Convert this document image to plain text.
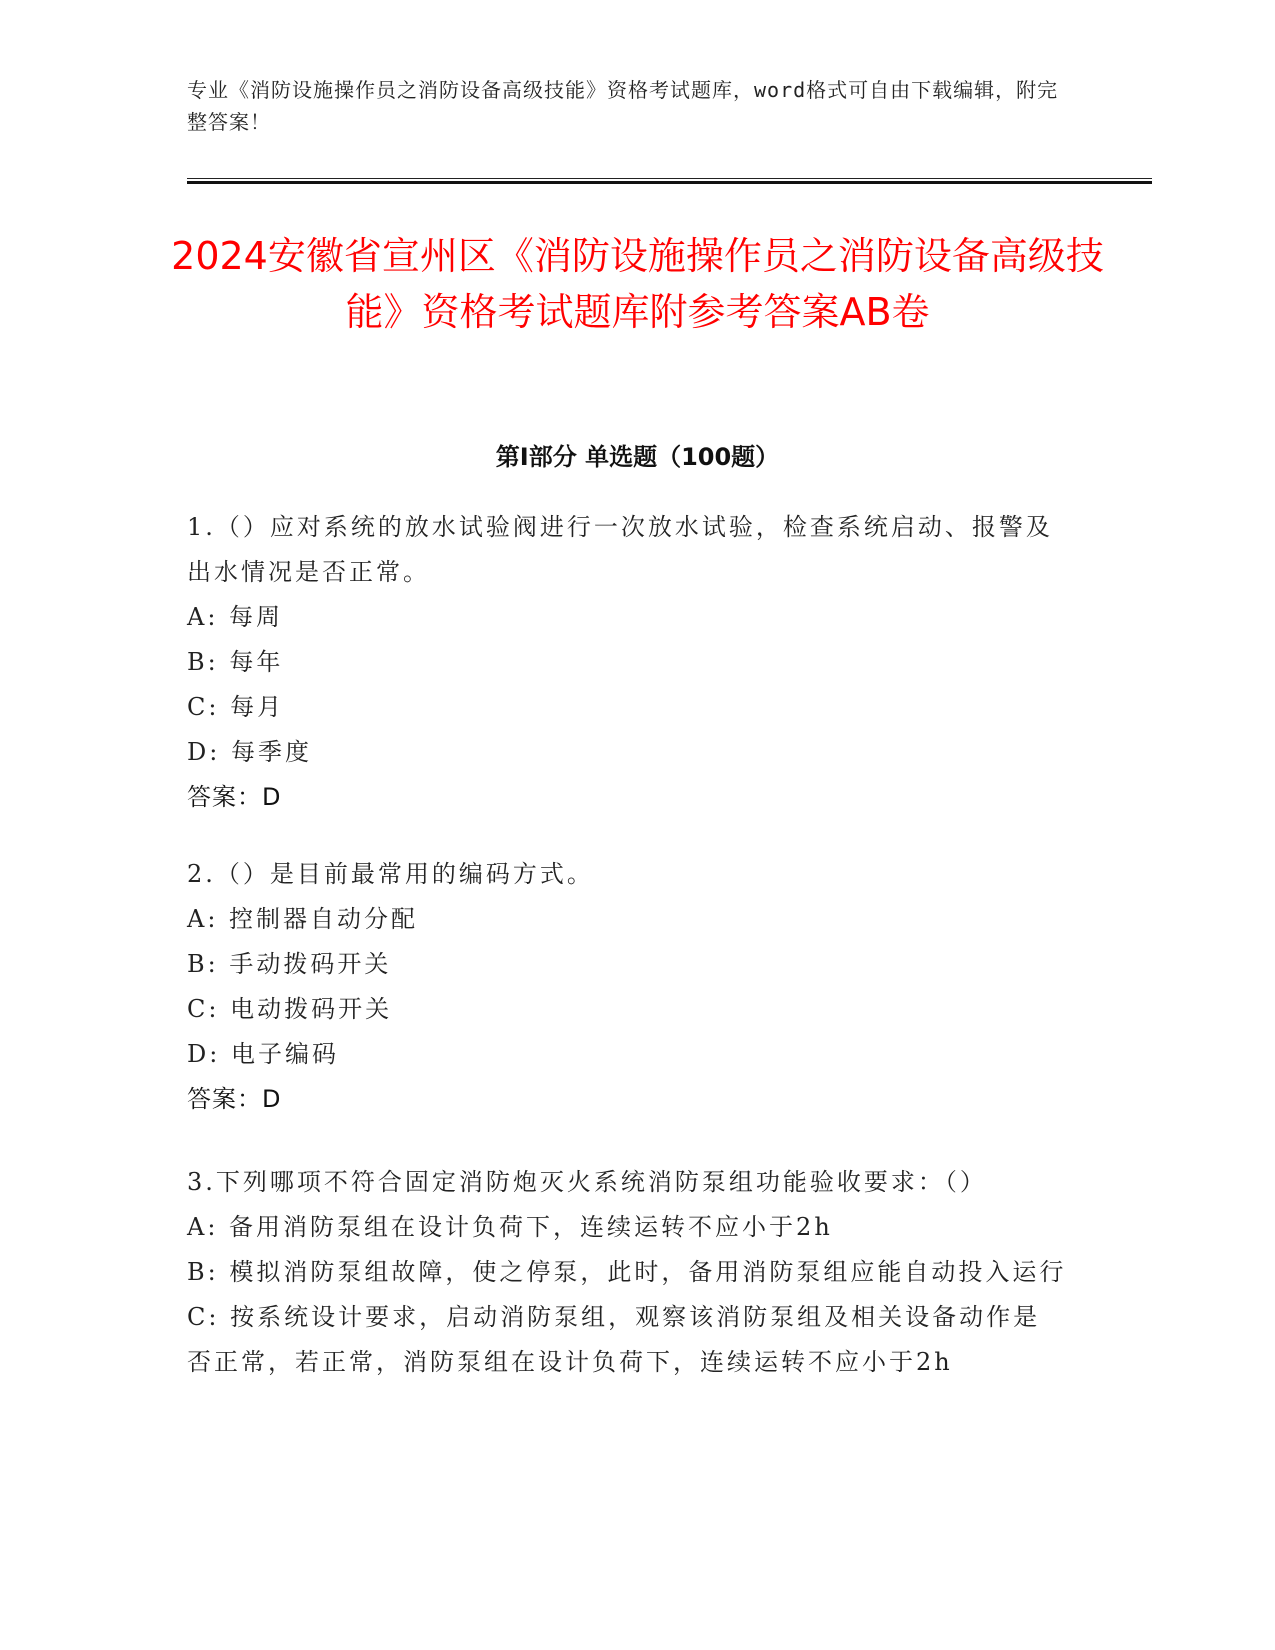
专业《消防设施操作员之消防设备高级技能》资格考试题库，word格式可自由下载编辑，附完整答案！
2024安徽省宣州区《消防设施操作员之消防设备高级技能》资格考试题库附参考答案AB卷
第I部分 单选题（100题）
1.（）应对系统的放水试验阀进行一次放水试验，检查系统启动、报警及出水情况是否正常。
A: 每周
B: 每年
C: 每月
D: 每季度
答案：D
2.（）是目前最常用的编码方式。
A: 控制器自动分配
B: 手动拨码开关
C: 电动拨码开关
D: 电子编码
答案：D
3.下列哪项不符合固定消防炮灭火系统消防泵组功能验收要求：（）
A: 备用消防泵组在设计负荷下，连续运转不应小于2h
B: 模拟消防泵组故障，使之停泵，此时，备用消防泵组应能自动投入运行
C: 按系统设计要求，启动消防泵组，观察该消防泵组及相关设备动作是否正常，若正常，消防泵组在设计负荷下，连续运转不应小于2h
